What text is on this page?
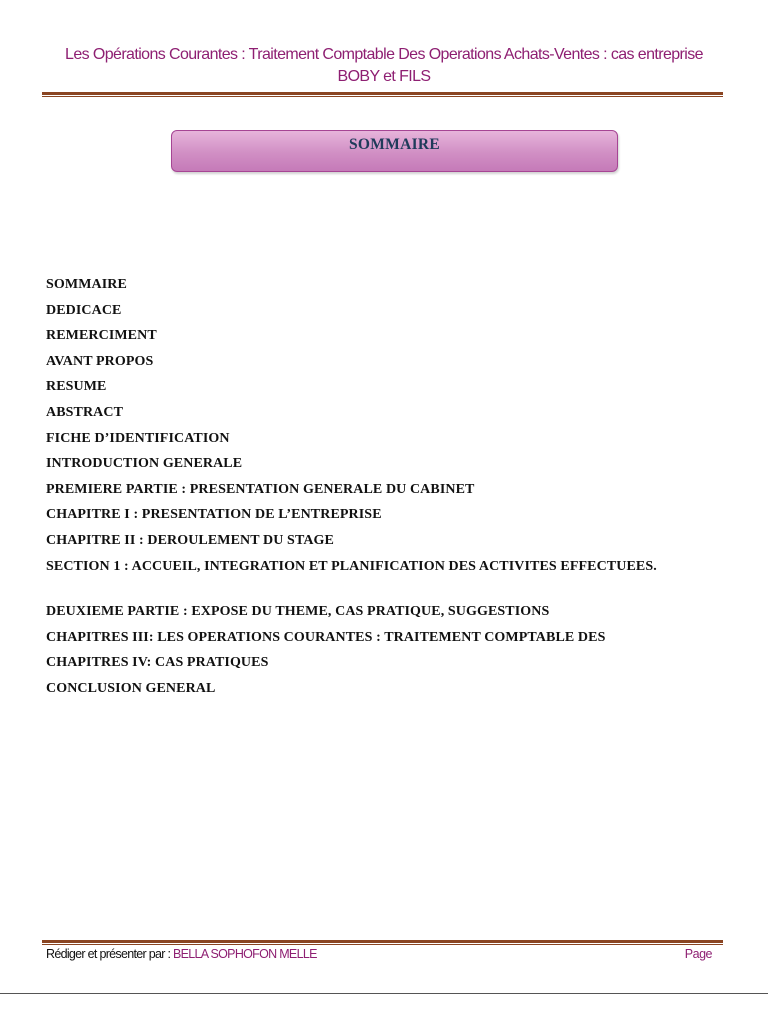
Les Opérations Courantes : Traitement Comptable Des Operations Achats-Ventes : cas entreprise
BOBY et FILS
SOMMAIRE
SOMMAIRE
DEDICACE
REMERCIMENT
AVANT PROPOS
RESUME
ABSTRACT
FICHE D’IDENTIFICATION
INTRODUCTION GENERALE
PREMIERE PARTIE : PRESENTATION GENERALE DU CABINET
CHAPITRE I : PRESENTATION DE L’ENTREPRISE
CHAPITRE II : DEROULEMENT DU STAGE
SECTION 1 : ACCUEIL, INTEGRATION ET PLANIFICATION DES ACTIVITES EFFECTUEES.
DEUXIEME PARTIE : EXPOSE DU THEME, CAS PRATIQUE, SUGGESTIONS
CHAPITRES III: LES OPERATIONS COURANTES : TRAITEMENT COMPTABLE DES
CHAPITRES IV: CAS PRATIQUES
CONCLUSION GENERAL
Rédiger et présenter par : BELLA SOPHOFON MELLE	Page
